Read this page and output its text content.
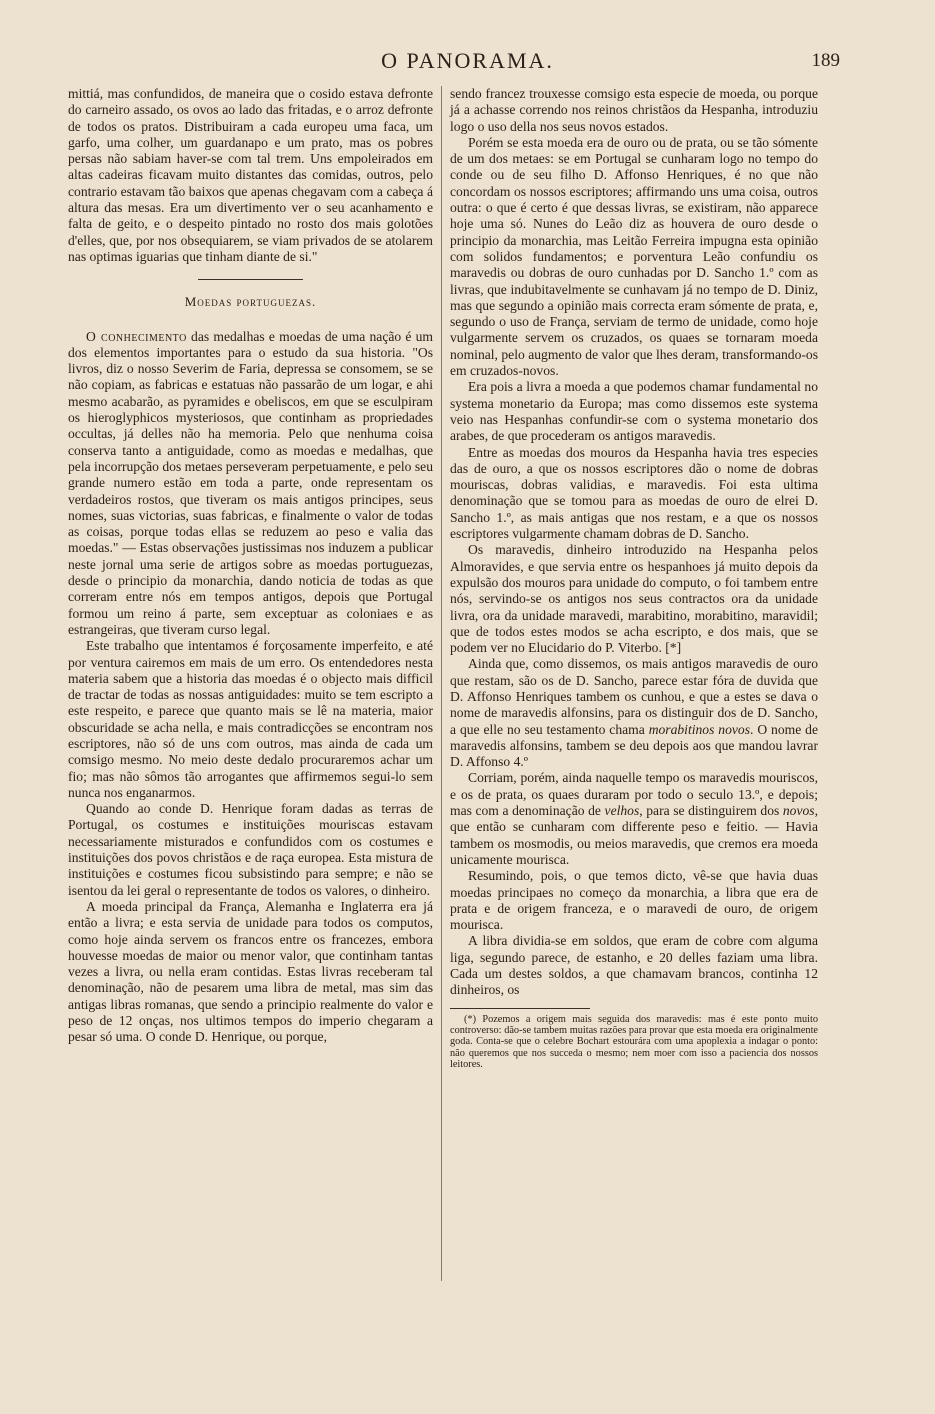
O PANORAMA.	189

mittiá, mas confundidos, de maneira que o cosido estava defronte do carneiro assado, os ovos ao lado das fritadas, e o arroz defronte de todos os pratos. Distribuiram a cada europeu uma faca, um garfo, uma colher, um guardanapo e um prato, mas os pobres persas não sabiam haver-se com tal trem. Uns empoleirados em altas cadeiras ficavam muito distantes das comidas, outros, pelo contrario estavam tão baixos que apenas chegavam com a cabeça á altura das mesas. Era um divertimento ver o seu acanhamento e falta de geito, e o despeito pintado no rosto dos mais golotões d'elles, que, por nos obsequiarem, se viam privados de se atolarem nas optimas iguarias que tinham diante de si."

Moedas portuguezas.

O conhecimento das medalhas e moedas de uma nação é um dos elementos importantes para o estudo da sua historia. "Os livros, diz o nosso Severim de Faria, depressa se consomem, se se não copiam, as fabricas e estatuas não passarão de um logar, e ahi mesmo acabarão, as pyramides e obeliscos, em que se esculpiram os hieroglyphicos mysteriosos, que continham as propriedades occultas, já delles não ha memoria. Pelo que nenhuma coisa conserva tanto a antiguidade, como as moedas e medalhas, que pela incorrupção dos metaes perseveram perpetuamente, e pelo seu grande numero estão em toda a parte, onde representam os verdadeiros rostos, que tiveram os mais antigos principes, seus nomes, suas victorias, suas fabricas, e finalmente o valor de todas as coisas, porque todas ellas se reduzem ao peso e valia das moedas." — Estas observações justissimas nos induzem a publicar neste jornal uma serie de artigos sobre as moedas portuguezas, desde o principio da monarchia, dando noticia de todas as que correram entre nós em tempos antigos, depois que Portugal formou um reino á parte, sem exceptuar as coloniaes e as estrangeiras, que tiveram curso legal.

Este trabalho que intentamos é forçosamente imperfeito, e até por ventura cairemos em mais de um erro. Os entendedores nesta materia sabem que a historia das moedas é o objecto mais difficil de tractar de todas as nossas antiguidades: muito se tem escripto a este respeito, e parece que quanto mais se lê na materia, maior obscuridade se acha nella, e mais contradicções se encontram nos escriptores, não só de uns com outros, mas ainda de cada um comsigo mesmo. No meio deste dedalo procuraremos achar um fio; mas não sômos tão arrogantes que affirmemos segui-lo sem nunca nos enganarmos.

Quando ao conde D. Henrique foram dadas as terras de Portugal, os costumes e instituições mouriscas estavam necessariamente misturados e confundidos com os costumes e instituições dos povos christãos e de raça europea. Esta mistura de instituições e costumes ficou subsistindo para sempre; e não se isentou da lei geral o representante de todos os valores, o dinheiro.

A moeda principal da França, Alemanha e Inglaterra era já então a livra; e esta servia de unidade para todos os computos, como hoje ainda servem os francos entre os francezes, embora houvesse moedas de maior ou menor valor, que continham tantas vezes a livra, ou nella eram contidas. Estas livras receberam tal denominação, não de pesarem uma libra de metal, mas sim das antigas libras romanas, que sendo a principio realmente do valor e peso de 12 onças, nos ultimos tempos do imperio chegaram a pesar só uma. O conde D. Henrique, ou porque,

sendo francez trouxesse comsigo esta especie de moeda, ou porque já a achasse correndo nos reinos christãos da Hespanha, introduziu logo o uso della nos seus novos estados.

Porém se esta moeda era de ouro ou de prata, ou se tão sómente de um dos metaes: se em Portugal se cunharam logo no tempo do conde ou de seu filho D. Affonso Henriques, é no que não concordam os nossos escriptores; affirmando uns uma coisa, outros outra: o que é certo é que dessas livras, se existiram, não apparece hoje uma só. Nunes do Leão diz as houvera de ouro desde o principio da monarchia, mas Leitão Ferreira impugna esta opinião com solidos fundamentos; e porventura Leão confundiu os maravedis ou dobras de ouro cunhadas por D. Sancho 1.º com as livras, que indubitavelmente se cunhavam já no tempo de D. Diniz, mas que segundo a opinião mais correcta eram sómente de prata, e, segundo o uso de França, serviam de termo de unidade, como hoje vulgarmente servem os cruzados, os quaes se tornaram moeda nominal, pelo augmento de valor que lhes deram, transformando-os em cruzados-novos.

Era pois a livra a moeda a que podemos chamar fundamental no systema monetario da Europa; mas como dissemos este systema veio nas Hespanhas confundir-se com o systema monetario dos arabes, de que procederam os antigos maravedis.

Entre as moedas dos mouros da Hespanha havia tres especies das de ouro, a que os nossos escriptores dão o nome de dobras mouriscas, dobras validias, e maravedis. Foi esta ultima denominação que se tomou para as moedas de ouro de elrei D. Sancho 1.º, as mais antigas que nos restam, e a que os nossos escriptores vulgarmente chamam dobras de D. Sancho.

Os maravedis, dinheiro introduzido na Hespanha pelos Almoravides, e que servia entre os hespanhoes já muito depois da expulsão dos mouros para unidade do computo, o foi tambem entre nós, servindo-se os antigos nos seus contractos ora da unidade livra, ora da unidade maravedi, marabitino, morabitino, maravidil; que de todos estes modos se acha escripto, e dos mais, que se podem ver no Elucidario do P. Viterbo. [*]

Ainda que, como dissemos, os mais antigos maravedis de ouro que restam, são os de D. Sancho, parece estar fóra de duvida que D. Affonso Henriques tambem os cunhou, e que a estes se dava o nome de maravedis alfonsins, para os distinguir dos de D. Sancho, a que elle no seu testamento chama morabitinos novos. O nome de maravedis alfonsins, tambem se deu depois aos que mandou lavrar D. Affonso 4.º

Corriam, porém, ainda naquelle tempo os maravedis mouriscos, e os de prata, os quaes duraram por todo o seculo 13.º, e depois; mas com a denominação de velhos, para se distinguirem dos novos, que então se cunharam com differente peso e feitio. — Havia tambem os mosmodis, ou meios maravedis, que cremos era moeda unicamente mourisca.

Resumindo, pois, o que temos dicto, vê-se que havia duas moedas principaes no começo da monarchia, a libra que era de prata e de origem franceza, e o maravedi de ouro, de origem mourisca.

A libra dividia-se em soldos, que eram de cobre com alguma liga, segundo parece, de estanho, e 20 delles faziam uma libra. Cada um destes soldos, a que chamavam brancos, continha 12 dinheiros, os

(*) Pozemos a origem mais seguida dos maravedis: mas é este ponto muito controverso: dão-se tambem muitas razões para provar que esta moeda era originalmente goda. Conta-se que o celebre Bochart estourára com uma apoplexia a indagar o ponto: não queremos que nos succeda o mesmo; nem moer com isso a paciencia dos nossos leitores.
